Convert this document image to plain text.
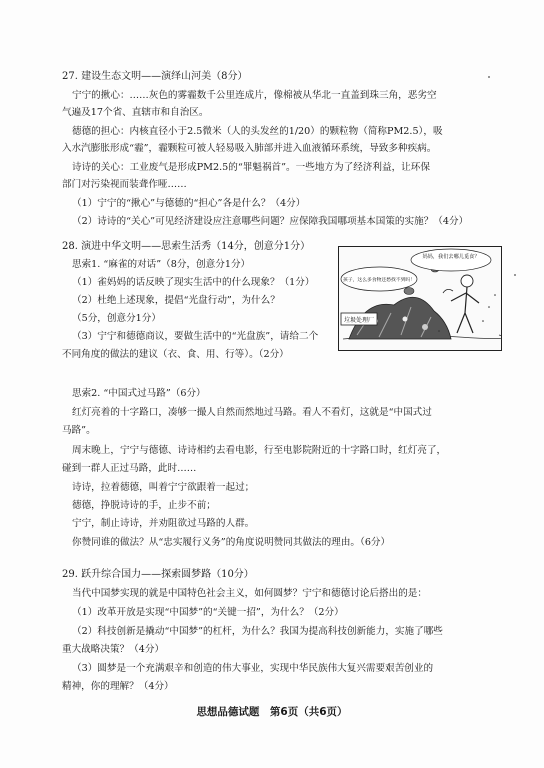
27. 建设生态文明——演绎山河美（8分）
宁宁的揪心：……灰色的雾霾数千公里连成片，像棉被从华北一直盖到珠三角，恶劣空
气遍及17个省、直辖市和自治区。
德德的担心：内核直径小于2.5微米（人的头发丝的1/20）的颗粒物（简称PM2.5），吸
入水汽膨胀形成“霾”，霾颗粒可被人轻易吸入肺部并进入血液循环系统，导致多种疾病。
诗诗的关心：工业废气是形成PM2.5的“罪魁祸首”。一些地方为了经济利益，让环保
部门对污染视而装聋作哑……
（1）宁宁的“揪心”与德德的“担心”各是什么？（4分）
（2）诗诗的“关心”可见经济建设应注意哪些问题？应保障我国哪项基本国策的实施？（4分）
28. 演进中华文明——思索生活秀（14分，创意分1分）
思索1. “麻雀的对话”（8分，创意分1分）
（1）雀妈妈的话反映了现实生活中的什么现象？（1分）
（2）杜绝上述现象，提倡“光盘行动”，为什么？
（5分，创意分1分）
（3）宁宁和德德商议，要做生活中的“光盘族”，请给二个
不同角度的做法的建议（衣、食、用、行等）。（2分）
思索2. “中国式过马路”（6分）
红灯亮着的十字路口，凑够一撮人自然而然地过马路。看人不看灯，这就是“中国式过
马路”。
周末晚上，宁宁与德德、诗诗相约去看电影，行至电影院附近的十字路口时，红灯亮了，
碰到一群人正过马路，此时……
诗诗，拉着德德，叫着宁宁欲跟着一起过；
德德，挣脱诗诗的手，止步不前；
宁宁，制止诗诗，并劝阻欲过马路的人群。
你赞同谁的做法？从“忠实履行义务”的角度说明赞同其做法的理由。（6分）
垃圾处理厂
妈妈，我们去哪儿觅食？
孩子，这么多食物还愁找不到吗！
29. 跃升综合国力——探索圆梦路（10分）
当代中国梦实现的就是中国特色社会主义，如何圆梦？宁宁和德德讨论后搭出的是：
（1）改革开放是实现“中国梦”的“关键一招”，为什么？（2分）
（2）科技创新是撬动“中国梦”的杠杆，为什么？我国为提高科技创新能力，实施了哪些
重大战略决策？（4分）
（3）圆梦是一个充满艰辛和创造的伟大事业，实现中华民族伟大复兴需要艰苦创业的
精神，你的理解？（4分）
思想品德试题　第6页（共6页）
